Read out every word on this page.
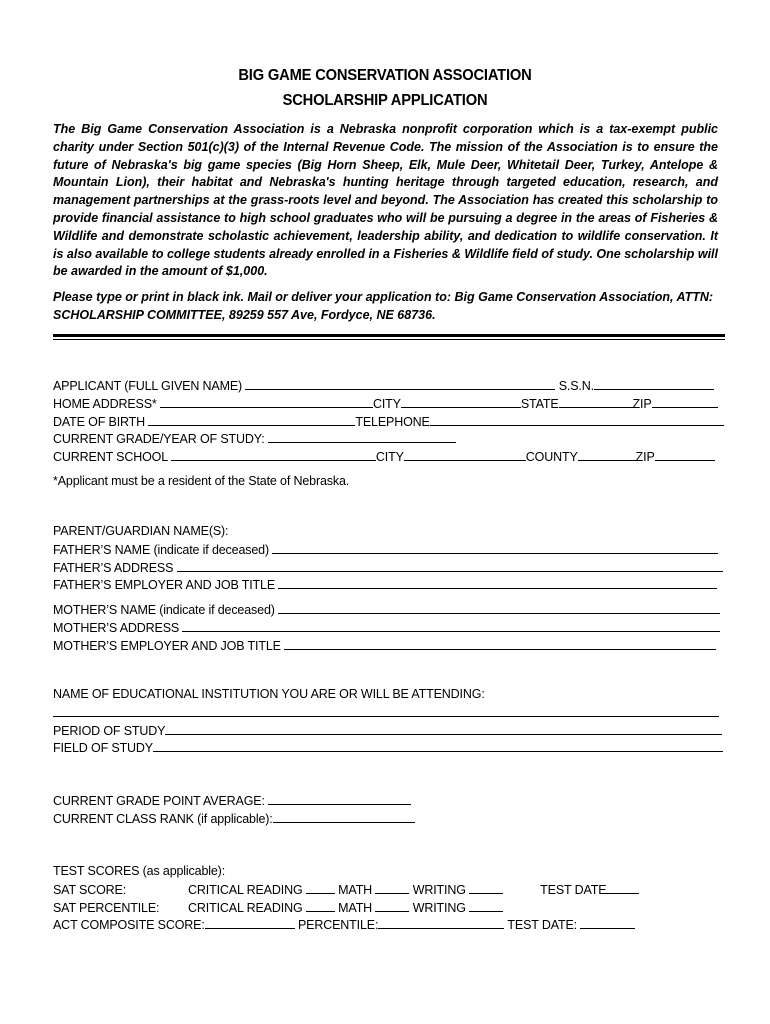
BIG GAME CONSERVATION ASSOCIATION
SCHOLARSHIP APPLICATION
The Big Game Conservation Association is a Nebraska nonprofit corporation which is a tax-exempt public charity under Section 501(c)(3) of the Internal Revenue Code. The mission of the Association is to ensure the future of Nebraska's big game species (Big Horn Sheep, Elk, Mule Deer, Whitetail Deer, Turkey, Antelope & Mountain Lion), their habitat and Nebraska's hunting heritage through targeted education, research, and management partnerships at the grass-roots level and beyond. The Association has created this scholarship to provide financial assistance to high school graduates who will be pursuing a degree in the areas of Fisheries & Wildlife and demonstrate scholastic achievement, leadership ability, and dedication to wildlife conservation. It is also available to college students already enrolled in a Fisheries & Wildlife field of study. One scholarship will be awarded in the amount of $1,000.
Please type or print in black ink. Mail or deliver your application to: Big Game Conservation Association, ATTN: SCHOLARSHIP COMMITTEE, 89259 557 Ave, Fordyce, NE 68736.
APPLICANT (FULL GIVEN NAME)	S.S.N.
HOME ADDRESS*	CITY	STATE	ZIP
DATE OF BIRTH	TELEPHONE
CURRENT GRADE/YEAR OF STUDY:
CURRENT SCHOOL	CITY	COUNTY	ZIP
*Applicant must be a resident of the State of Nebraska.
PARENT/GUARDIAN NAME(S):
FATHER’S NAME (indicate if deceased)
FATHER’S ADDRESS
FATHER’S EMPLOYER AND JOB TITLE
MOTHER’S NAME (indicate if deceased)
MOTHER’S ADDRESS
MOTHER’S EMPLOYER AND JOB TITLE
NAME OF EDUCATIONAL INSTITUTION YOU ARE OR WILL BE ATTENDING:
PERIOD OF STUDY
FIELD OF STUDY
CURRENT GRADE POINT AVERAGE:
CURRENT CLASS RANK (if applicable):
TEST SCORES (as applicable):
SAT SCORE:	CRITICAL READING  MATH	WRITING	TEST DATE
SAT PERCENTILE: CRITICAL READING  MATH	WRITING
ACT COMPOSITE SCORE:	PERCENTILE:	TEST DATE:
